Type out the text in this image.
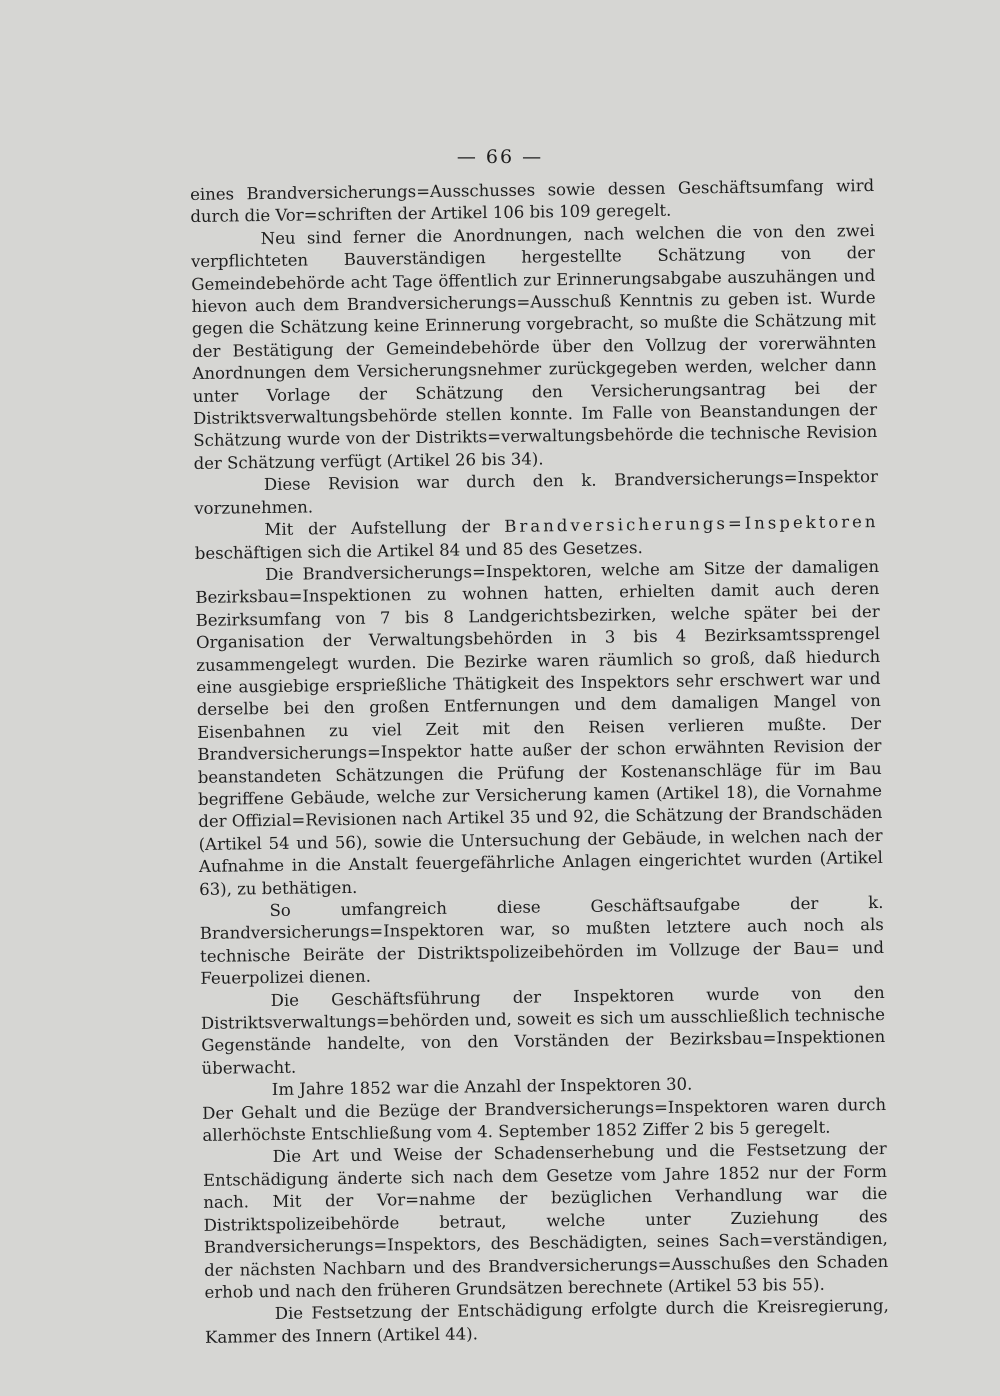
— 66 —

eines Brandversicherungs=Ausschusses sowie dessen Geschäftsumfang wird durch die Vor=schriften der Artikel 106 bis 109 geregelt.

Neu sind ferner die Anordnungen, nach welchen die von den zwei verpflichteten Bauverständigen hergestellte Schätzung von der Gemeindebehörde acht Tage öffentlich zur Erinnerungsabgabe auszuhängen und hievon auch dem Brandversicherungs=Ausschuß Kenntnis zu geben ist. Wurde gegen die Schätzung keine Erinnerung vorgebracht, so mußte die Schätzung mit der Bestätigung der Gemeindebehörde über den Vollzug der vorerwähnten Anordnungen dem Versicherungsnehmer zurückgegeben werden, welcher dann unter Vorlage der Schätzung den Versicherungsantrag bei der Distriktsverwaltungsbehörde stellen konnte. Im Falle von Beanstandungen der Schätzung wurde von der Distrikts=verwaltungsbehörde die technische Revision der Schätzung verfügt (Artikel 26 bis 34).

Diese Revision war durch den k. Brandversicherungs=Inspektor vorzunehmen.

Mit der Aufstellung der Brandversicherungs=Inspektoren beschäftigen sich die Artikel 84 und 85 des Gesetzes.

Die Brandversicherungs=Inspektoren, welche am Sitze der damaligen Bezirksbau=Inspektionen zu wohnen hatten, erhielten damit auch deren Bezirksumfang von 7 bis 8 Landgerichtsbezirken, welche später bei der Organisation der Verwaltungsbehörden in 3 bis 4 Bezirksamtssprengel zusammengelegt wurden. Die Bezirke waren räumlich so groß, daß hiedurch eine ausgiebige ersprießliche Thätigkeit des Inspektors sehr erschwert war und derselbe bei den großen Entfernungen und dem damaligen Mangel von Eisenbahnen zu viel Zeit mit den Reisen verlieren mußte. Der Brandversicherungs=Inspektor hatte außer der schon erwähnten Revision der beanstandeten Schätzungen die Prüfung der Kostenanschläge für im Bau begriffene Gebäude, welche zur Versicherung kamen (Artikel 18), die Vornahme der Offizial=Revisionen nach Artikel 35 und 92, die Schätzung der Brandschäden (Artikel 54 und 56), sowie die Untersuchung der Gebäude, in welchen nach der Aufnahme in die Anstalt feuergefährliche Anlagen eingerichtet wurden (Artikel 63), zu bethätigen.

So umfangreich diese Geschäftsaufgabe der k. Brandversicherungs=Inspektoren war, so mußten letztere auch noch als technische Beiräte der Distriktspolizeibehörden im Vollzuge der Bau= und Feuerpolizei dienen.

Die Geschäftsführung der Inspektoren wurde von den Distriktsverwaltungs=behörden und, soweit es sich um ausschließlich technische Gegenstände handelte, von den Vorständen der Bezirksbau=Inspektionen überwacht.

Im Jahre 1852 war die Anzahl der Inspektoren 30.

Der Gehalt und die Bezüge der Brandversicherungs=Inspektoren waren durch allerhöchste Entschließung vom 4. September 1852 Ziffer 2 bis 5 geregelt.

Die Art und Weise der Schadenserhebung und die Festsetzung der Entschädigung änderte sich nach dem Gesetze vom Jahre 1852 nur der Form nach. Mit der Vor=nahme der bezüglichen Verhandlung war die Distriktspolizeibehörde betraut, welche unter Zuziehung des Brandversicherungs=Inspektors, des Beschädigten, seines Sach=verständigen, der nächsten Nachbarn und des Brandversicherungs=Ausschußes den Schaden erhob und nach den früheren Grundsätzen berechnete (Artikel 53 bis 55).

Die Festsetzung der Entschädigung erfolgte durch die Kreisregierung, Kammer des Innern (Artikel 44).
